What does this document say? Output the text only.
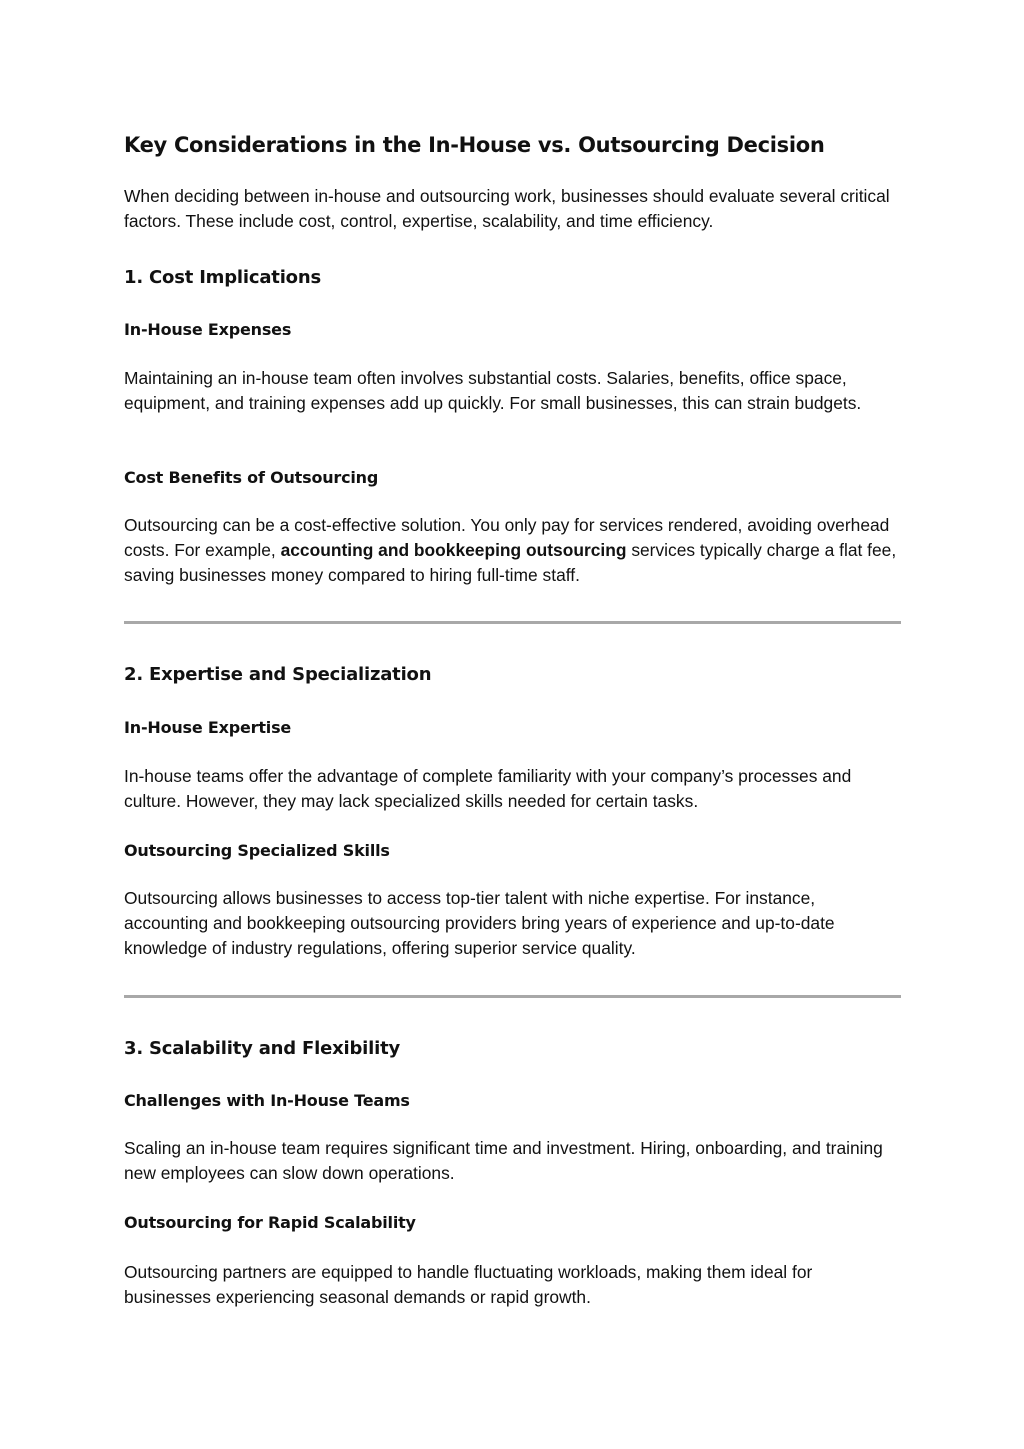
Key Considerations in the In-House vs. Outsourcing Decision
When deciding between in-house and outsourcing work, businesses should evaluate several critical factors. These include cost, control, expertise, scalability, and time efficiency.
1. Cost Implications
In-House Expenses
Maintaining an in-house team often involves substantial costs. Salaries, benefits, office space, equipment, and training expenses add up quickly. For small businesses, this can strain budgets.
Cost Benefits of Outsourcing
Outsourcing can be a cost-effective solution. You only pay for services rendered, avoiding overhead costs. For example, accounting and bookkeeping outsourcing services typically charge a flat fee, saving businesses money compared to hiring full-time staff.
2. Expertise and Specialization
In-House Expertise
In-house teams offer the advantage of complete familiarity with your company’s processes and culture. However, they may lack specialized skills needed for certain tasks.
Outsourcing Specialized Skills
Outsourcing allows businesses to access top-tier talent with niche expertise. For instance, accounting and bookkeeping outsourcing providers bring years of experience and up-to-date knowledge of industry regulations, offering superior service quality.
3. Scalability and Flexibility
Challenges with In-House Teams
Scaling an in-house team requires significant time and investment. Hiring, onboarding, and training new employees can slow down operations.
Outsourcing for Rapid Scalability
Outsourcing partners are equipped to handle fluctuating workloads, making them ideal for businesses experiencing seasonal demands or rapid growth.
